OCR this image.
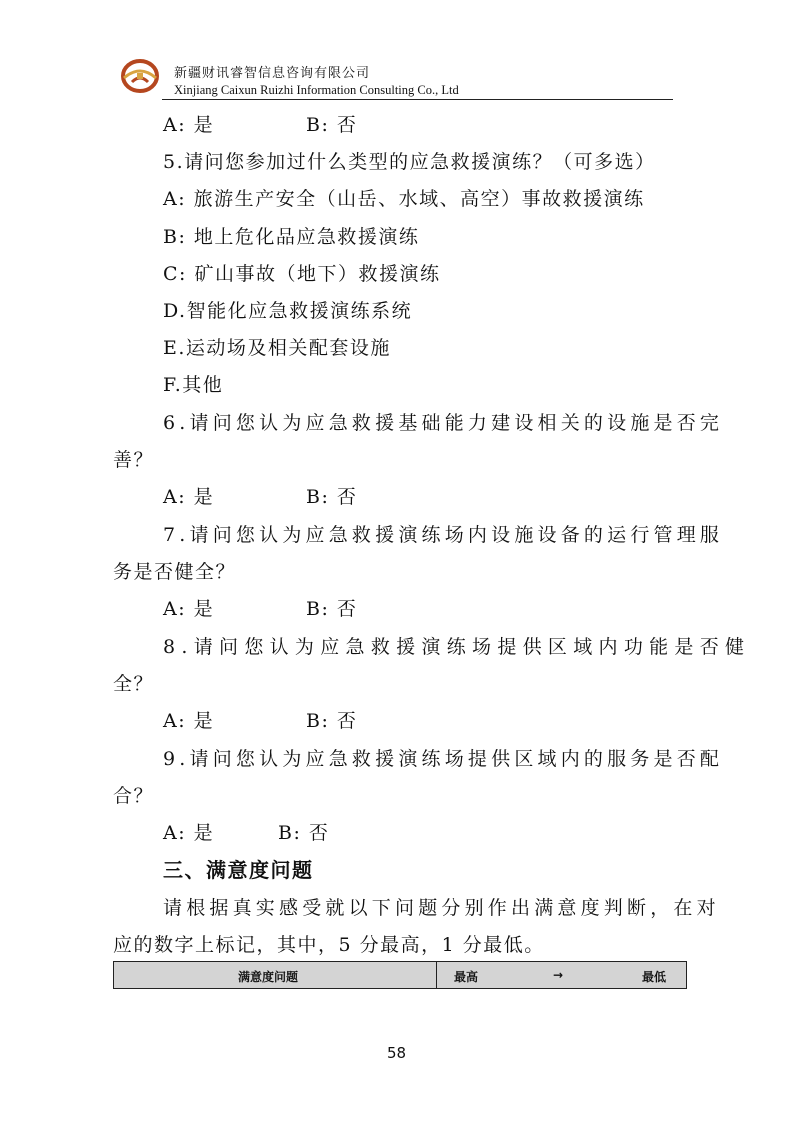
新疆财讯睿智信息咨询有限公司
Xinjiang Caixun Ruizhi Information Consulting Co., Ltd
A: 是	B: 否
5.请问您参加过什么类型的应急救援演练？（可多选）
A: 旅游生产安全（山岳、水域、高空）事故救援演练
B: 地上危化品应急救援演练
C: 矿山事故（地下）救援演练
D.智能化应急救援演练系统
E.运动场及相关配套设施
F.其他
6.请问您认为应急救援基础能力建设相关的设施是否完
善？
A: 是	B: 否
7.请问您认为应急救援演练场内设施设备的运行管理服
务是否健全？
A: 是	B: 否
8.请问您认为应急救援演练场提供区域内功能是否健
全？
A: 是	B: 否
9.请问您认为应急救援演练场提供区域内的服务是否配
合？
A: 是	B: 否
三、满意度问题
请根据真实感受就以下问题分别作出满意度判断，在对
应的数字上标记，其中，5 分最高，1 分最低。
满意度问题	最高	→	最低
58
